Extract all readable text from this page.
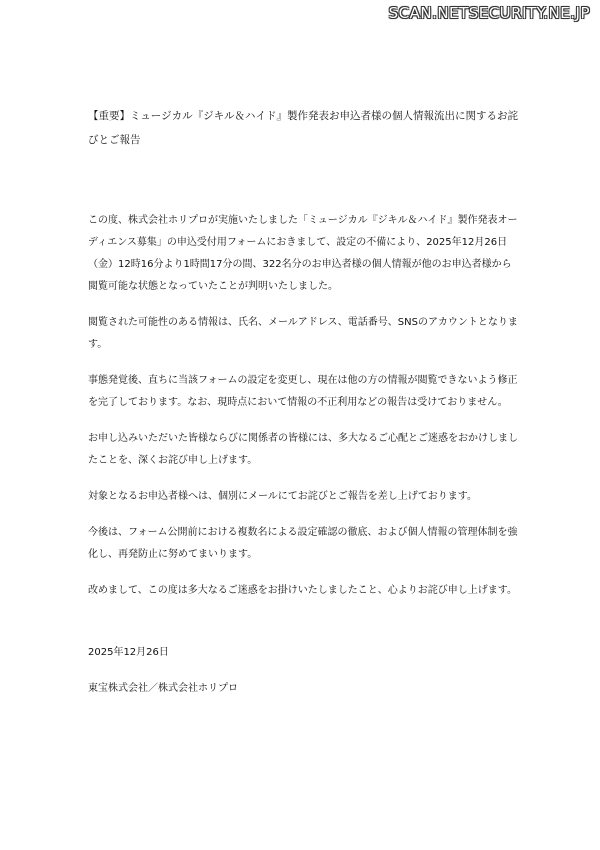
SCAN.NETSECURITY.NE.JP
【重要】ミュージカル『ジキル＆ハイド』製作発表お申込者様の個人情報流出に関するお詫びとご報告

この度、株式会社ホリプロが実施いたしました「ミュージカル『ジキル＆ハイド』製作発表オーディエンス募集」の申込受付用フォームにおきまして、設定の不備により、2025年12月26日（金）12時16分より1時間17分の間、322名分のお申込者様の個人情報が他のお申込者様から閲覧可能な状態となっていたことが判明いたしました。

閲覧された可能性のある情報は、氏名、メールアドレス、電話番号、SNSのアカウントとなります。

事態発覚後、直ちに当該フォームの設定を変更し、現在は他の方の情報が閲覧できないよう修正を完了しております。なお、現時点において情報の不正利用などの報告は受けておりません。

お申し込みいただいた皆様ならびに関係者の皆様には、多大なるご心配とご迷惑をおかけしましたことを、深くお詫び申し上げます。

対象となるお申込者様へは、個別にメールにてお詫びとご報告を差し上げております。

今後は、フォーム公開前における複数名による設定確認の徹底、および個人情報の管理体制を強化し、再発防止に努めてまいります。

改めまして、この度は多大なるご迷惑をお掛けいたしましたこと、心よりお詫び申し上げます。

2025年12月26日
東宝株式会社／株式会社ホリプロ
